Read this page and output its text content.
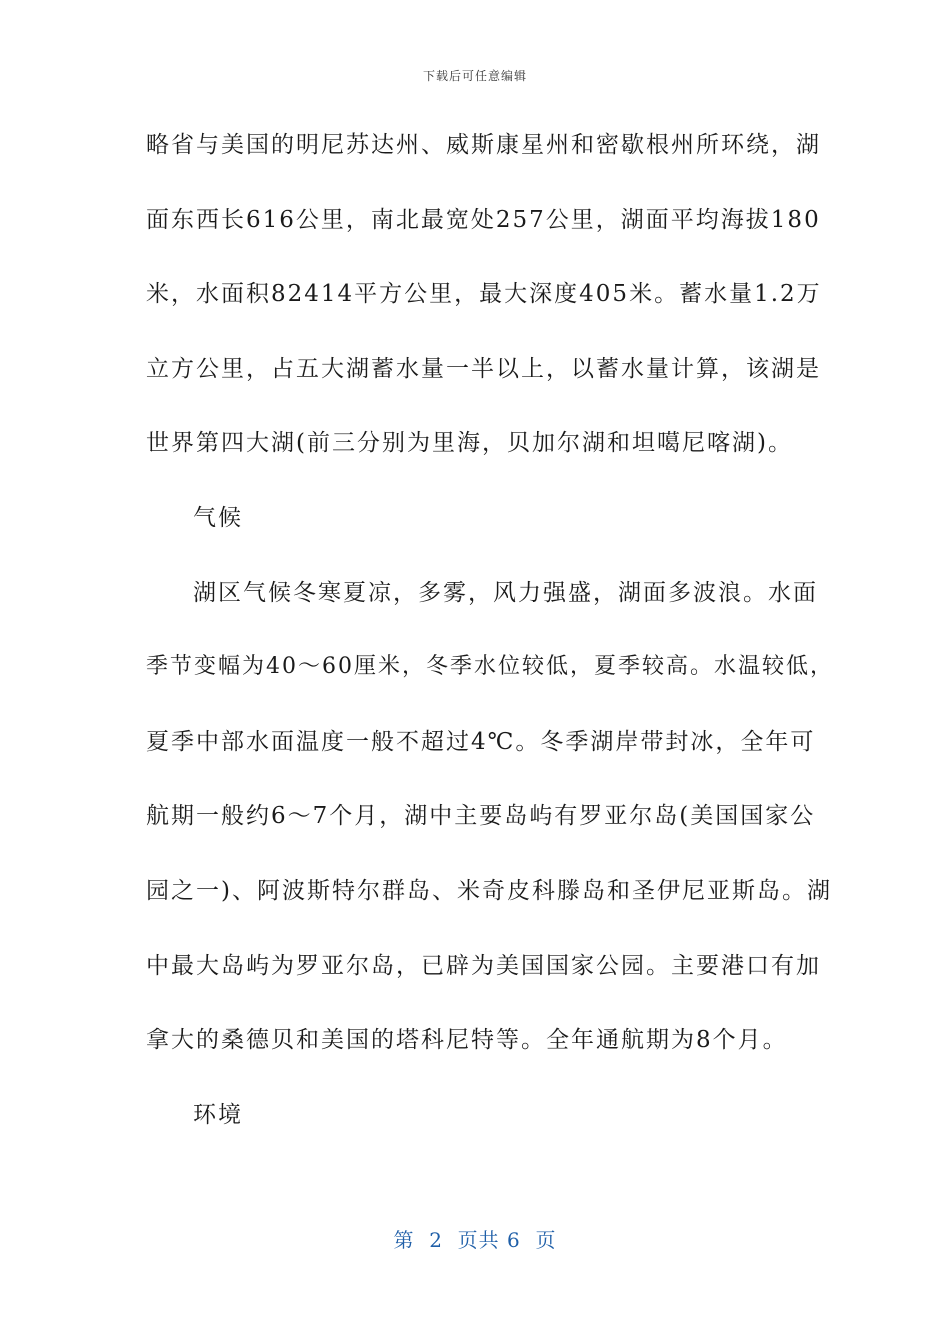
下载后可任意编辑
略省与美国的明尼苏达州、威斯康星州和密歇根州所环绕，湖
面东西长616公里，南北最宽处257公里，湖面平均海拔180
米，水面积82414平方公里，最大深度405米。蓄水量1.2万
立方公里，占五大湖蓄水量一半以上，以蓄水量计算，该湖是
世界第四大湖(前三分别为里海，贝加尔湖和坦噶尼喀湖)。
气候
湖区气候冬寒夏凉，多雾，风力强盛，湖面多波浪。水面
季节变幅为40～60厘米，冬季水位较低，夏季较高。水温较低，
夏季中部水面温度一般不超过4℃。冬季湖岸带封冰，全年可
航期一般约6～7个月，湖中主要岛屿有罗亚尔岛(美国国家公
园之一)、阿波斯特尔群岛、米奇皮科滕岛和圣伊尼亚斯岛。湖
中最大岛屿为罗亚尔岛，已辟为美国国家公园。主要港口有加
拿大的桑德贝和美国的塔科尼特等。全年通航期为8个月。
环境
第  2  页共 6  页
